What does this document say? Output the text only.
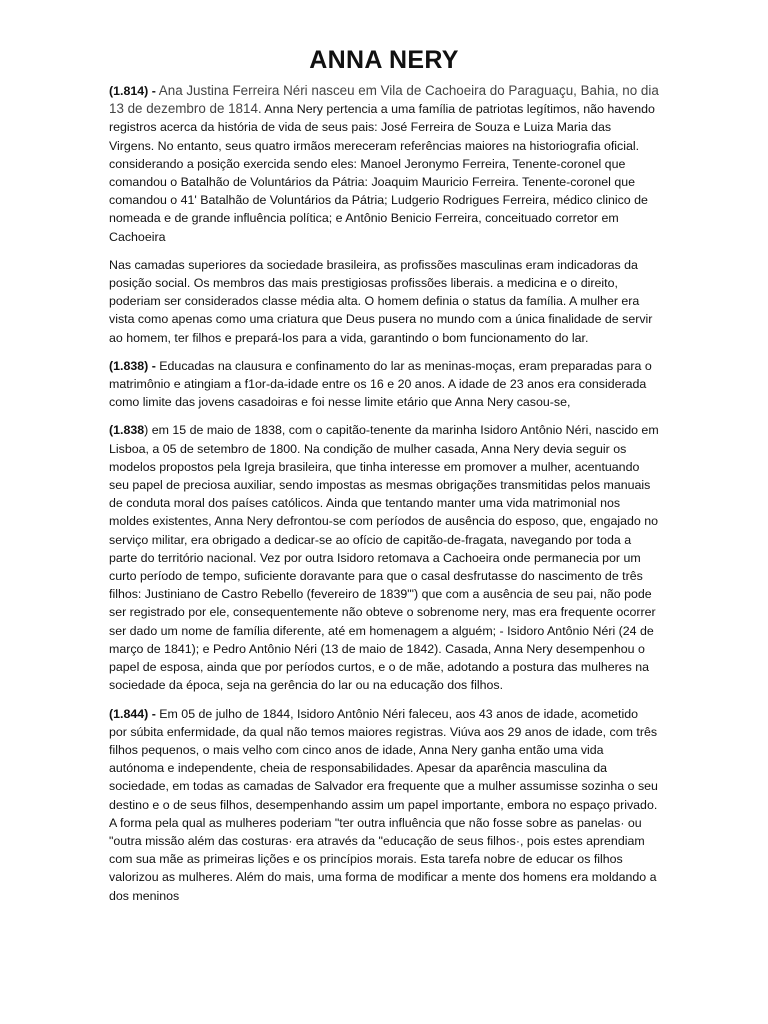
ANNA NERY

(1.814) - Ana Justina Ferreira Néri nasceu em Vila de Cachoeira do Paraguaçu, Bahia, no dia 13 de dezembro de 1814. Anna Nery pertencia a uma família de patriotas legítimos, não havendo registros acerca da história de vida de seus pais: José Ferreira de Souza e Luiza Maria das Virgens. No entanto, seus quatro irmãos mereceram referências maiores na historiografia oficial. considerando a posição exercida sendo eles: Manoel Jeronymo Ferreira, Tenente-coronel que comandou o Batalhão de Voluntários da Pátria: Joaquim Mauricio Ferreira. Tenente-coronel que comandou o 41' Batalhão de Voluntários da Pátria; Ludgerio Rodrigues Ferreira, médico clinico de nomeada e de grande influência política; e Antônio Benicio Ferreira, conceituado corretor em Cachoeira

Nas camadas superiores da sociedade brasileira, as profissões masculinas eram indicadoras da posição social. Os membros das mais prestigiosas profissões liberais. a medicina e o direito, poderiam ser considerados classe média alta. O homem definia o status da família. A mulher era vista como apenas como uma criatura que Deus pusera no mundo com a única finalidade de servir ao homem, ter filhos e prepará-Ios para a vida, garantindo o bom funcionamento do lar.

(1.838) - Educadas na clausura e confinamento do lar as meninas-moças, eram preparadas para o matrimônio e atingiam a f1or-da-idade entre os 16 e 20 anos. A idade de 23 anos era considerada como limite das jovens casadoiras e foi nesse limite etário que Anna Nery casou-se,

(1.838) em 15 de maio de 1838, com o capitão-tenente da marinha Isidoro Antônio Néri, nascido em Lisboa, a 05 de setembro de 1800. Na condição de mulher casada, Anna Nery devia seguir os modelos propostos pela Igreja brasileira, que tinha interesse em promover a mulher, acentuando seu papel de preciosa auxiliar, sendo impostas as mesmas obrigações transmitidas pelos manuais de conduta moral dos países católicos. Ainda que tentando manter uma vida matrimonial nos moldes existentes, Anna Nery defrontou-se com períodos de ausência do esposo, que, engajado no serviço militar, era obrigado a dedicar-se ao ofício de capitão-de-fragata, navegando por toda a parte do território nacional. Vez por outra Isidoro retomava a Cachoeira onde permanecia por um curto período de tempo, suficiente doravante para que o casal desfrutasse do nascimento de três filhos: Justiniano de Castro Rebello (fevereiro de 1839"') que com a ausência de seu pai, não pode ser registrado por ele, consequentemente não obteve o sobrenome nery, mas era frequente ocorrer ser dado um nome de família diferente, até em homenagem a alguém; - Isidoro Antônio Néri (24 de março de 1841); e Pedro Antônio Néri (13 de maio de 1842). Casada, Anna Nery desempenhou o papel de esposa, ainda que por períodos curtos, e o de mãe, adotando a postura das mulheres na sociedade da época, seja na gerência do lar ou na educação dos filhos.

(1.844) - Em 05 de julho de 1844, Isidoro Antônio Néri faleceu, aos 43 anos de idade, acometido por súbita enfermidade, da qual não temos maiores registras. Viúva aos 29 anos de idade, com três filhos pequenos, o mais velho com cinco anos de idade, Anna Nery ganha então uma vida autónoma e independente, cheia de responsabilidades. Apesar da aparência masculina da sociedade, em todas as camadas de Salvador era frequente que a mulher assumisse sozinha o seu destino e o de seus filhos, desempenhando assim um papel importante, embora no espaço privado. A forma pela qual as mulheres poderiam "ter outra influência que não fosse sobre as panelas· ou "outra missão além das costuras· era através da "educação de seus filhos·, pois estes aprendiam com sua mãe as primeiras lições e os princípios morais. Esta tarefa nobre de educar os filhos valorizou as mulheres. Além do mais, uma forma de modificar a mente dos homens era moldando a dos meninos
